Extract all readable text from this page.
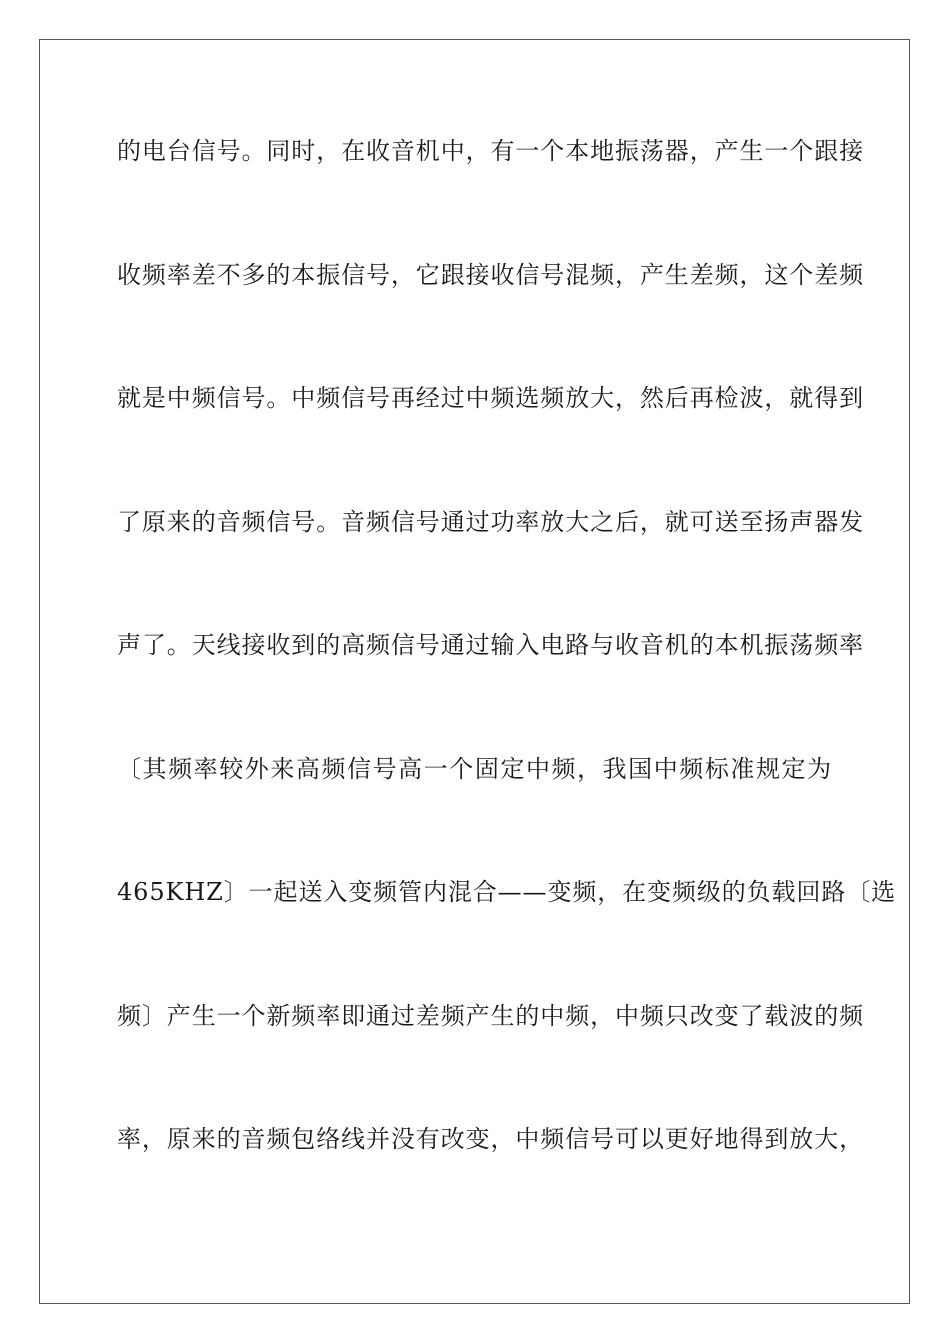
的电台信号。同时，在收音机中，有一个本地振荡器，产生一个跟接
收频率差不多的本振信号，它跟接收信号混频，产生差频，这个差频
就是中频信号。中频信号再经过中频选频放大，然后再检波，就得到
了原来的音频信号。音频信号通过功率放大之后，就可送至扬声器发
声了。天线接收到的高频信号通过输入电路与收音机的本机振荡频率
〔其频率较外来高频信号高一个固定中频，我国中频标准规定为
465KHZ〕一起送入变频管内混合——变频，在变频级的负载回路〔选
频〕产生一个新频率即通过差频产生的中频，中频只改变了载波的频
率，原来的音频包络线并没有改变，中频信号可以更好地得到放大，
